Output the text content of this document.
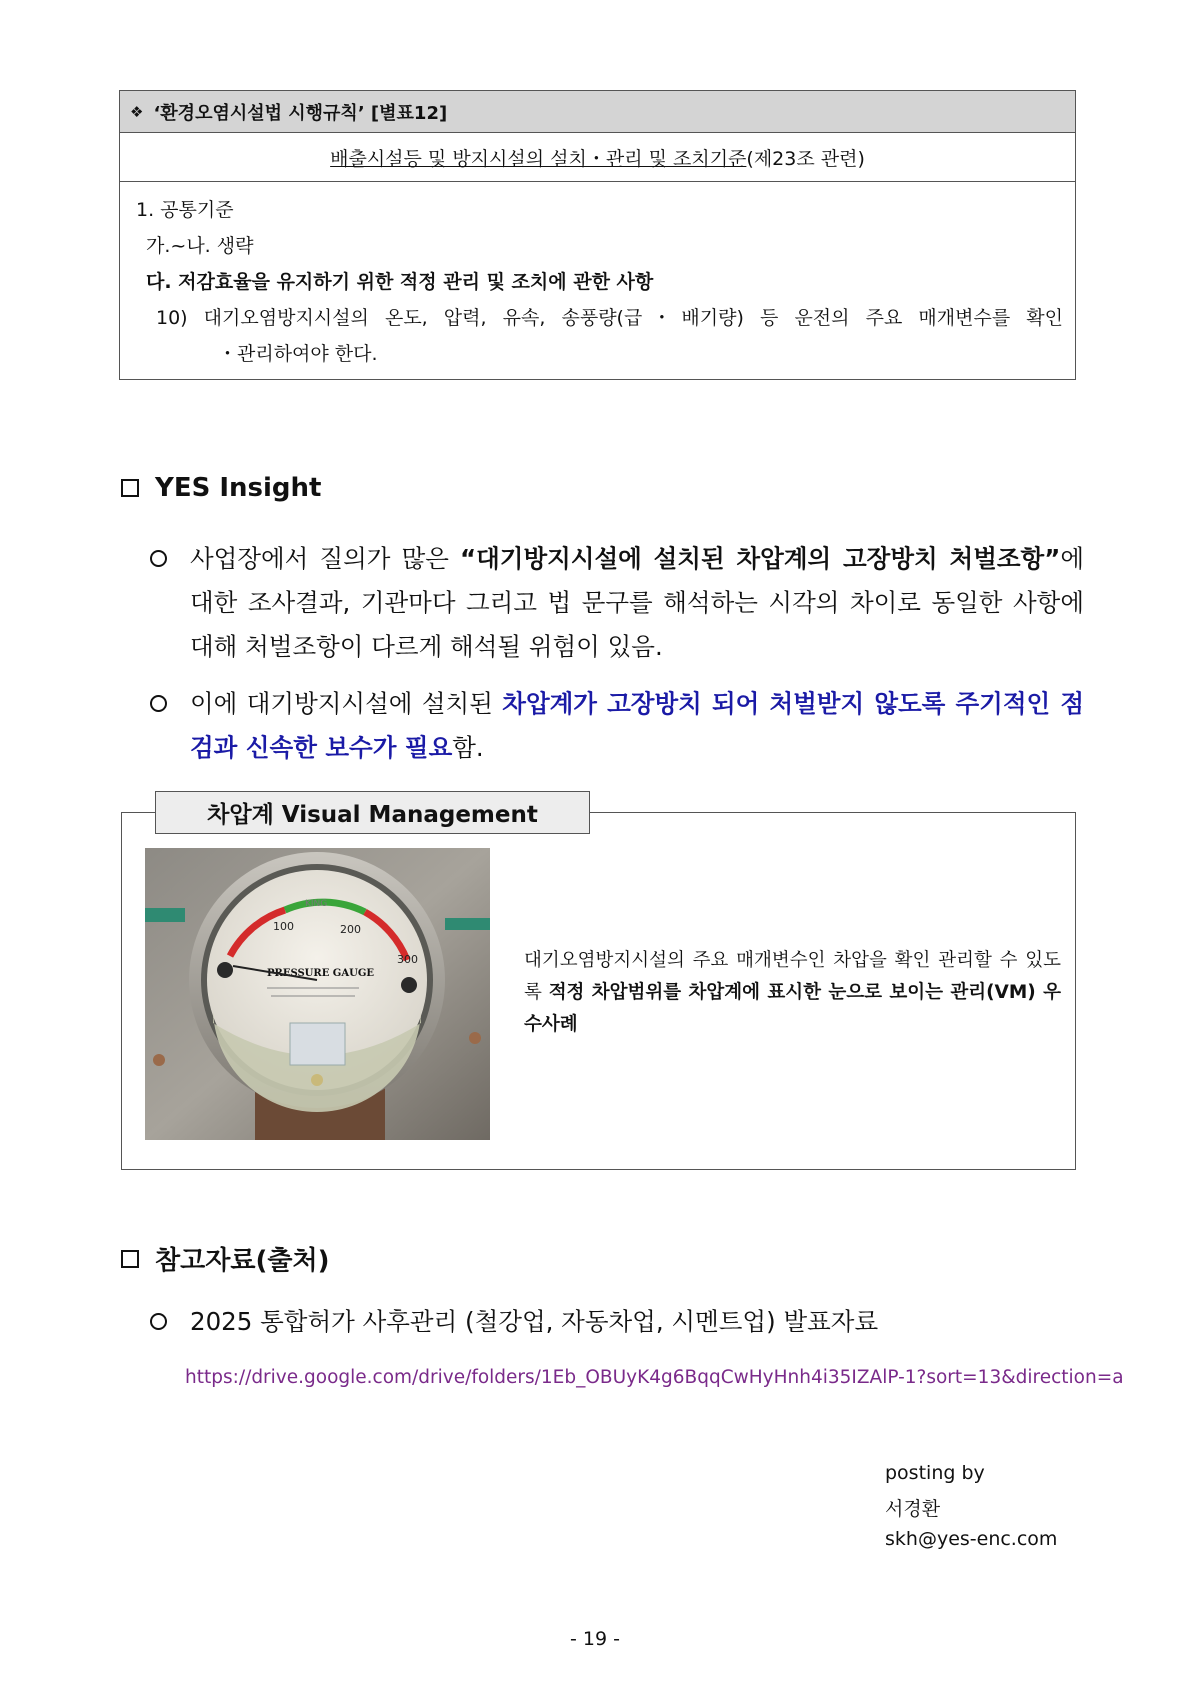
❖ ‘환경오염시설법 시행규칙’ [별표12]
배출시설등 및 방지시설의 설치・관리 및 조치기준 (제23조 관련)
1. 공통기준
가.~나. 생략
다. 저감효율을 유지하기 위한 적정 관리 및 조치에 관한 사항
10) 대기오염방지시설의 온도, 압력, 유속, 송풍량(급・배기량) 등 운전의 주요 매개변수를 확인
・관리하여야 한다.
YES Insight
사업장에서 질의가 많은 “대기방지시설에 설치된 차압계의 고장방치 처벌조항”에 대한 조사결과, 기관마다 그리고 법 문구를 해석하는 시각의 차이로 동일한 사항에 대해 처벌조항이 다르게 해석될 위험이 있음.
이에 대기방지시설에 설치된 차압계가 고장방치 되어 처벌받지 않도록 주기적인 점검과 신속한 보수가 필요함.
차압계 Visual Management
100	200
300
KING
PRESSURE GAUGE
대기오염방지시설의 주요 매개변수인 차압을 확인 관리할 수 있도록 적정 차압범위를 차압계에 표시한 눈으로 보이는 관리(VM) 우수사례
참고자료(출처)
2025 통합허가 사후관리 (철강업, 자동차업, 시멘트업) 발표자료
https://drive.google.com/drive/folders/1Eb_OBUyK4g6BqqCwHyHnh4i35IZAlP-1?sort=13&direction=a
posting by
서경환
skh@yes-enc.com
- 19 -
